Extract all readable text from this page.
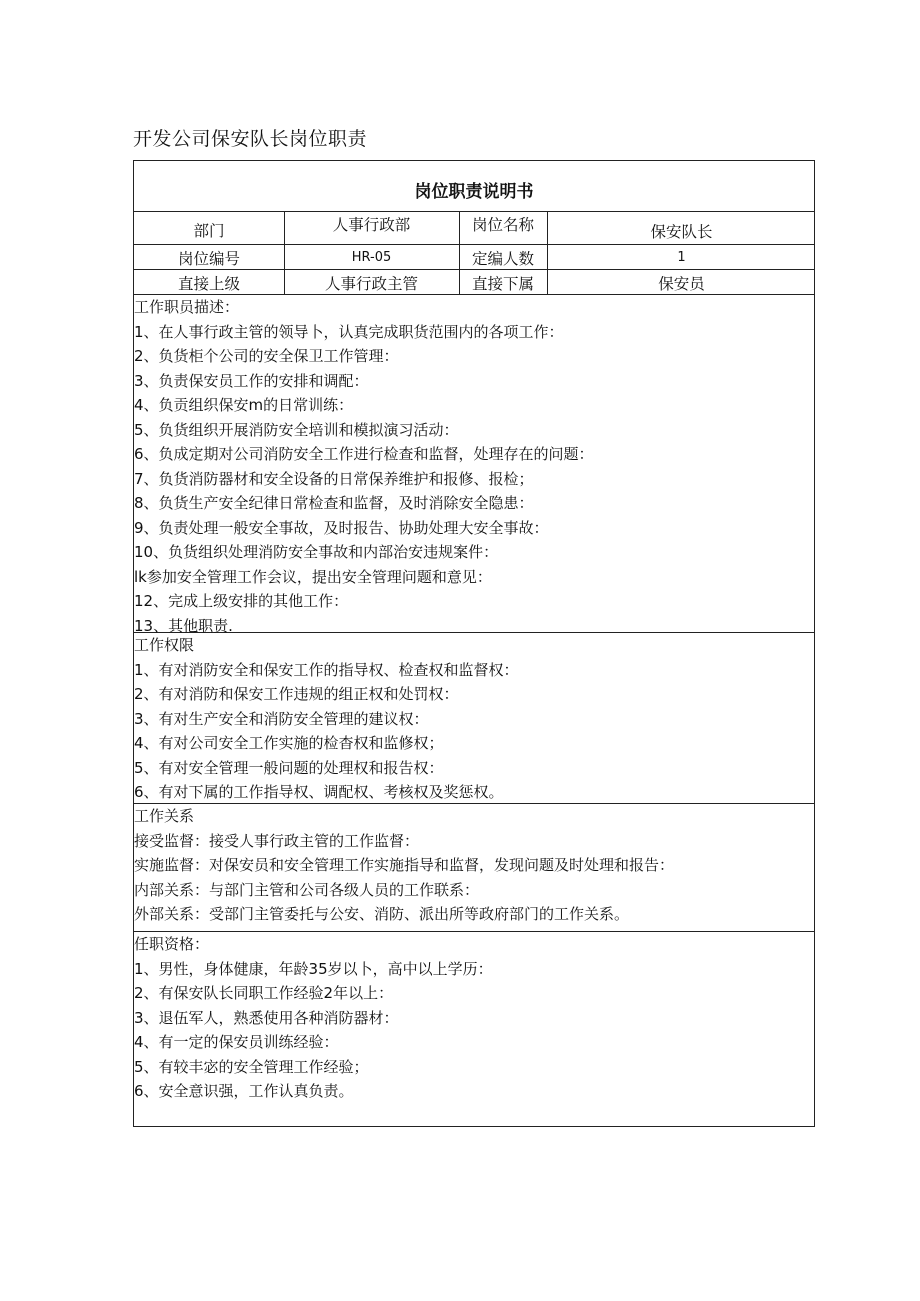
开发公司保安队长岗位职责
岗位职责说明书
部门	人事行政部	岗位名称	保安队长
岗位编号	HR-05	定编人数	1
直接上级	人事行政主管	直接下属	保安员
工作职员描述：
1、在人事行政主管的领导卜，认真完成职货范围内的各项工作：
2、负货柜个公司的安全保卫工作管理：
3、负责保安员工作的安排和调配：
4、负贡组织保安m的日常训练：
5、负货组织开展消防安全培训和模拟演习活动：
6、负成定期对公司消防安全工作进行检查和监督，处理存在的问题：
7、负货消防器材和安全设备的日常保养维护和报修、报检；
8、负货生产安全纪律日常检查和监督，及时消除安全隐患：
9、负责处理一般安全事故，及时报告、协助处理大安全事故：
10、负货组织处理消防安全事故和内部治安违规案件：
lk参加安全管理工作会议，提出安全管理问题和意见：
12、完成上级安排的其他工作：
13、其他职责.
工作权限
1、有对消防安全和保安工作的指导权、检查权和监督权：
2、有对消防和保安工作违规的组正权和处罚权：
3、有对生产安全和消防安全管理的建议权：
4、有对公司安全工作实施的检杳权和监修权；
5、有对安全管理一般问题的处理权和报告权：
6、有对下属的工作指导权、调配权、考核权及奖惩权。
工作关系
接受监督：接受人事行政主管的工作监督：
实施监督：对保安员和安全管理工作实施指导和监督，发现问题及时处理和报告：
内部关系：与部门主管和公司各级人员的工作联系：
外部关系：受部门主管委托与公安、消防、派出所等政府部门的工作关系。
任职资格：
1、男性，身体健康，年龄35岁以卜，高中以上学历：
2、有保安队长同职工作经验2年以上：
3、退伍军人，熟悉使用各种消防器材：
4、有一定的保安员训练经验：
5、有较丰宓的安全管理工作经验；
6、安全意识强，工作认真负责。
